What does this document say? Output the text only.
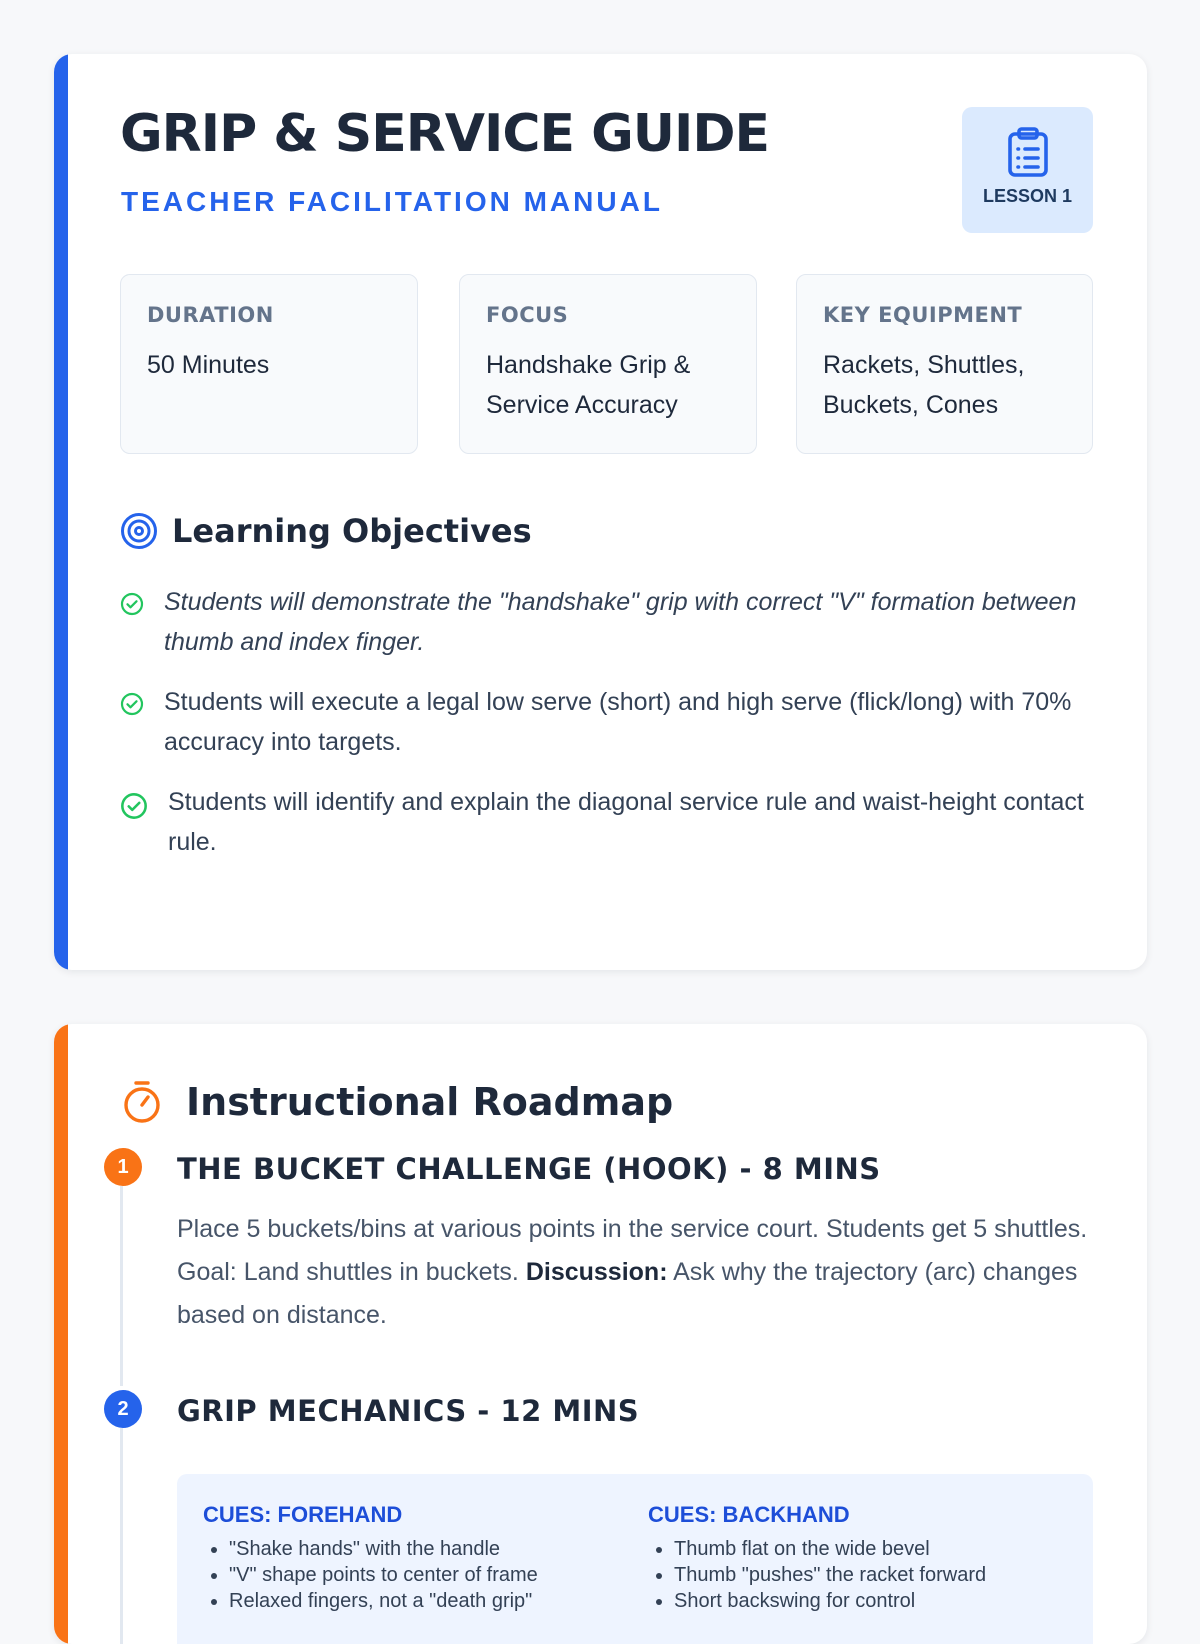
GRIP & SERVICE GUIDE
TEACHER FACILITATION MANUAL	LESSON 1
DURATION
50 Minutes
FOCUS
Handshake Grip & Service Accuracy
KEY EQUIPMENT
Rackets, Shuttles, Buckets, Cones
Learning Objectives
Students will demonstrate the "handshake" grip with correct "V" formation between thumb and index finger.
Students will execute a legal low serve (short) and high serve (flick/long) with 70% accuracy into targets.
Students will identify and explain the diagonal service rule and waist-height contact rule.
Instructional Roadmap
1	THE BUCKET CHALLENGE (HOOK) - 8 MINS
Place 5 buckets/bins at various points in the service court. Students get 5 shuttles. Goal: Land shuttles in buckets. Discussion: Ask why the trajectory (arc) changes based on distance.
2	GRIP MECHANICS - 12 MINS
CUES: FOREHAND
• "Shake hands" with the handle
• "V" shape points to center of frame
• Relaxed fingers, not a "death grip"
CUES: BACKHAND
• Thumb flat on the wide bevel
• Thumb "pushes" the racket forward
• Short backswing for control
